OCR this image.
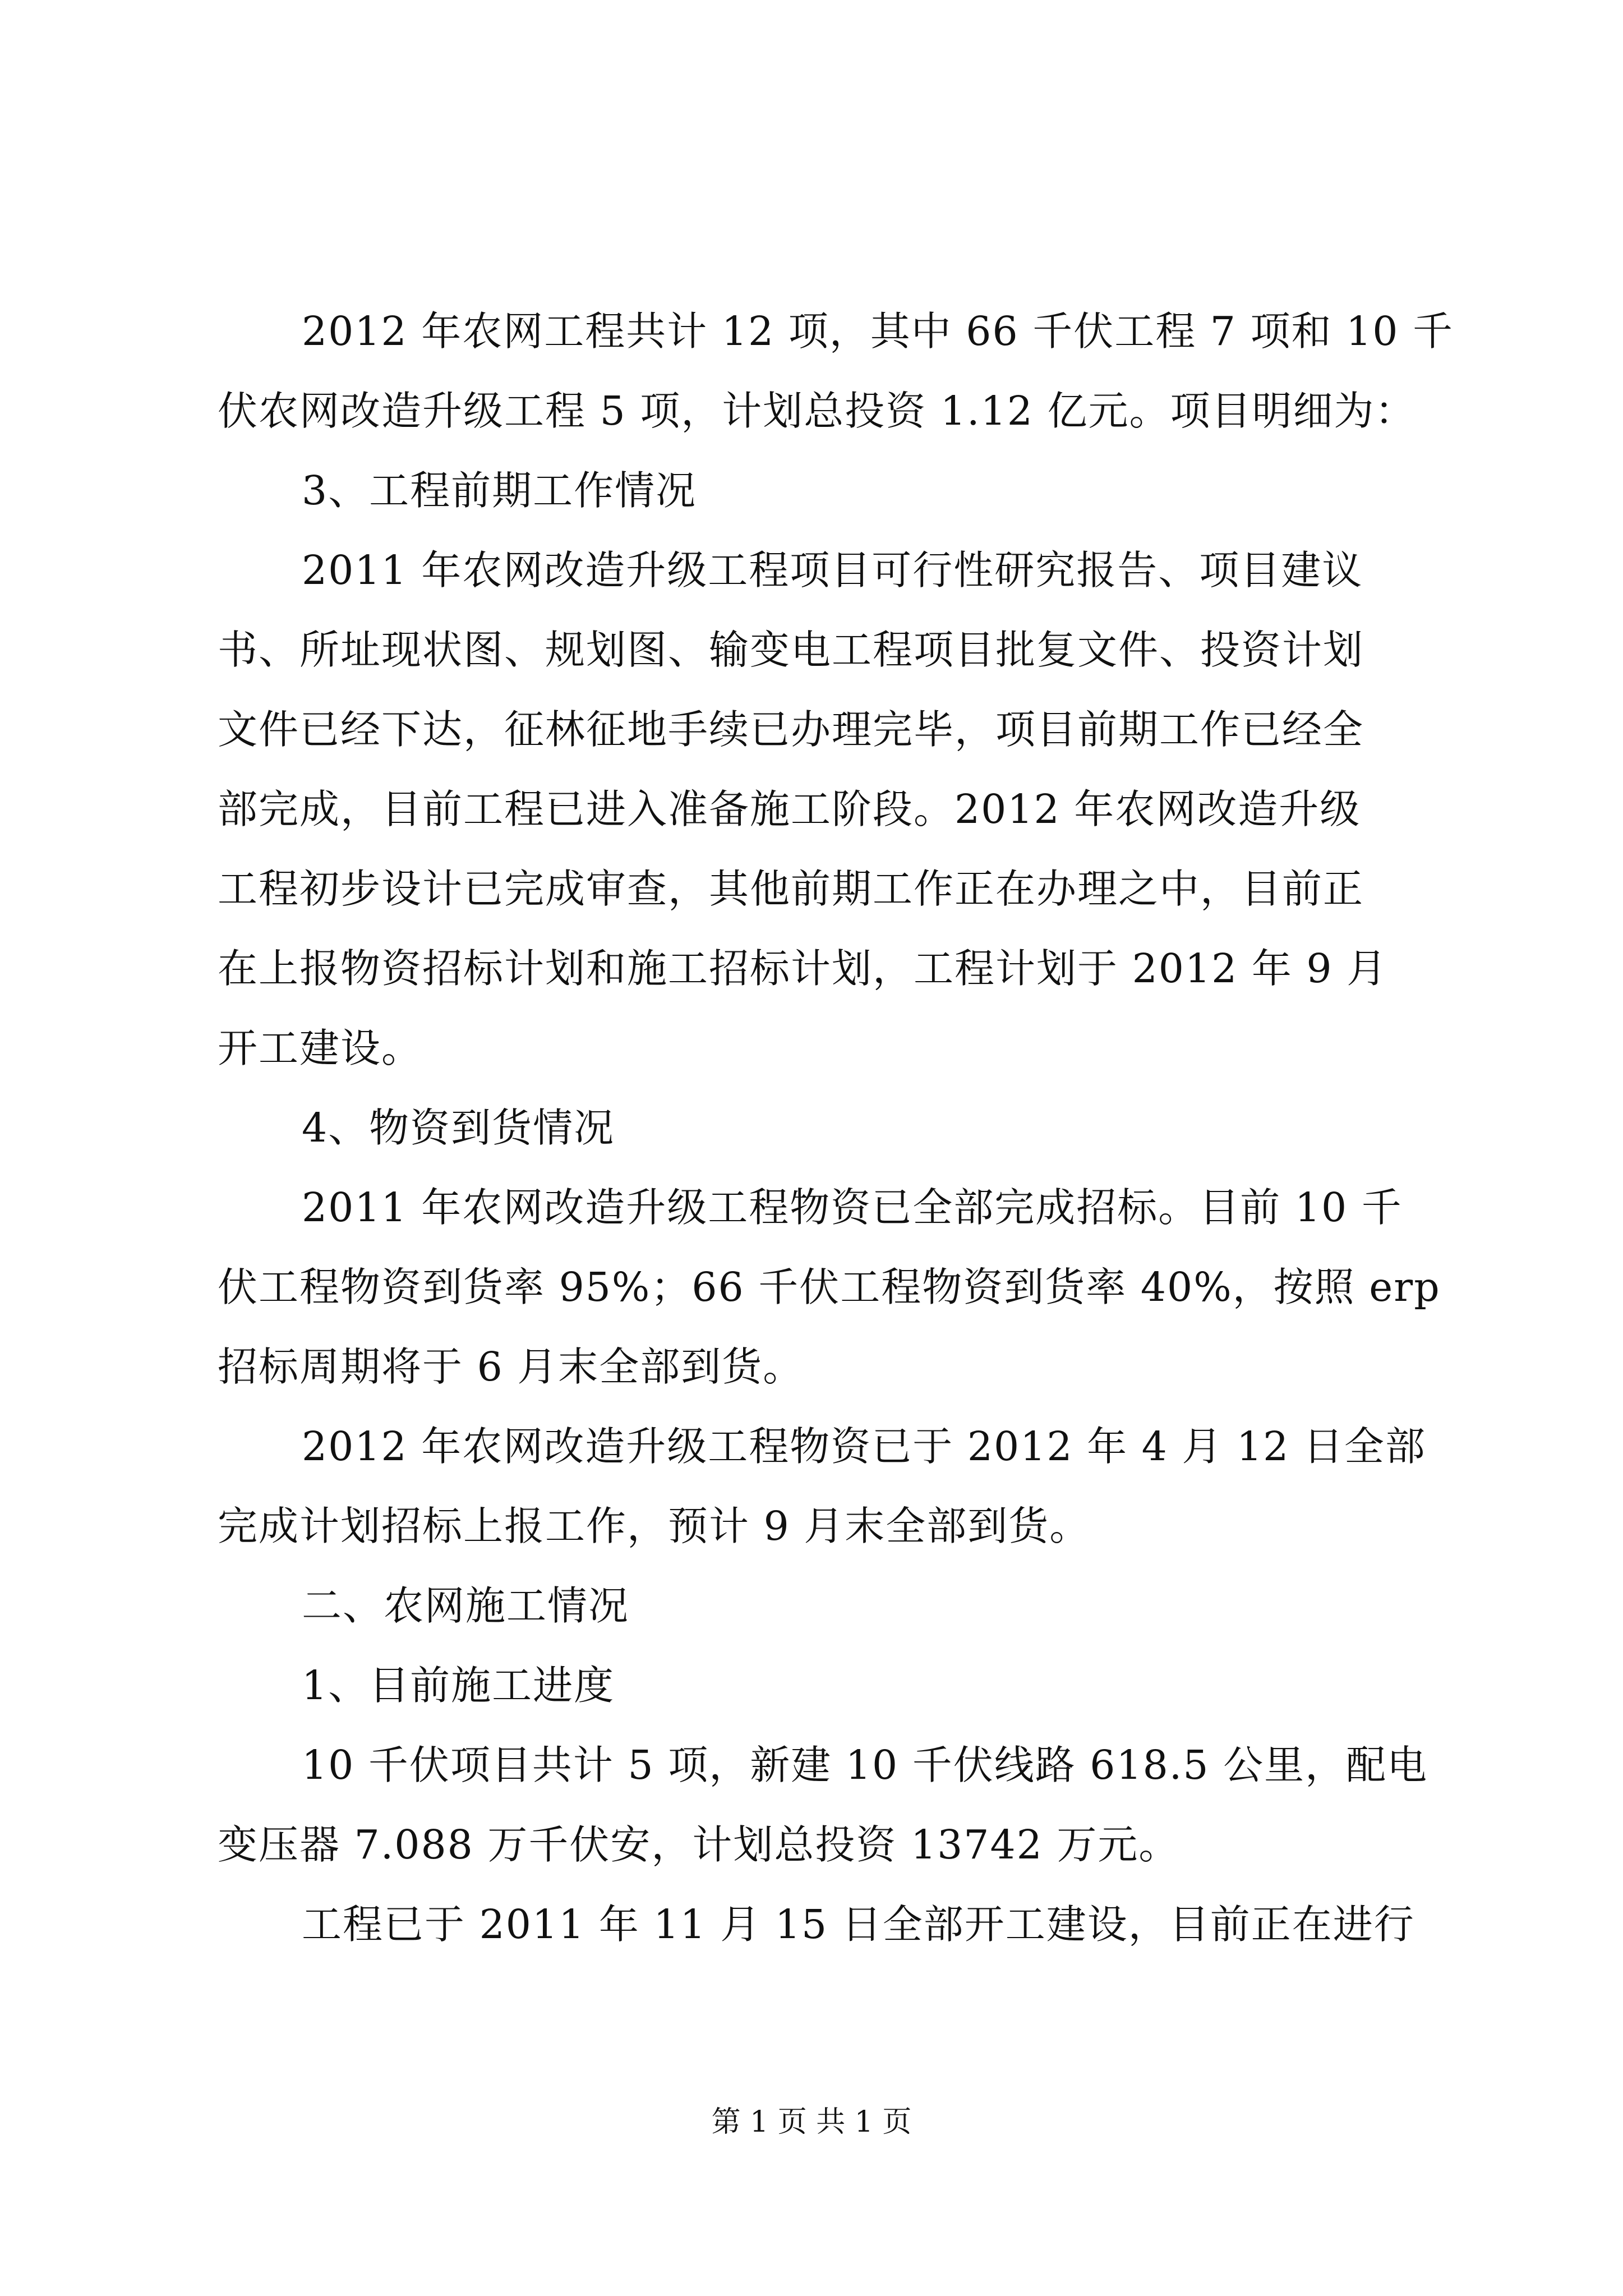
2012 年农网工程共计 12 项，其中 66 千伏工程 7 项和 10 千
伏农网改造升级工程 5 项，计划总投资 1.12 亿元。项目明细为：
3、工程前期工作情况
2011 年农网改造升级工程项目可行性研究报告、项目建议
书、所址现状图、规划图、输变电工程项目批复文件、投资计划
文件已经下达，征林征地手续已办理完毕，项目前期工作已经全
部完成，目前工程已进入准备施工阶段。2012 年农网改造升级
工程初步设计已完成审查，其他前期工作正在办理之中，目前正
在上报物资招标计划和施工招标计划，工程计划于 2012 年 9 月
开工建设。
4、物资到货情况
2011 年农网改造升级工程物资已全部完成招标。目前 10 千
伏工程物资到货率 95%；66 千伏工程物资到货率 40%，按照 erp
招标周期将于 6 月末全部到货。
2012 年农网改造升级工程物资已于 2012 年 4 月 12 日全部
完成计划招标上报工作，预计 9 月末全部到货。
二、农网施工情况
1、目前施工进度
10 千伏项目共计 5 项，新建 10 千伏线路 618.5 公里，配电
变压器 7.088 万千伏安，计划总投资 13742 万元。
工程已于 2011 年 11 月 15 日全部开工建设，目前正在进行
第 1 页 共 1 页
